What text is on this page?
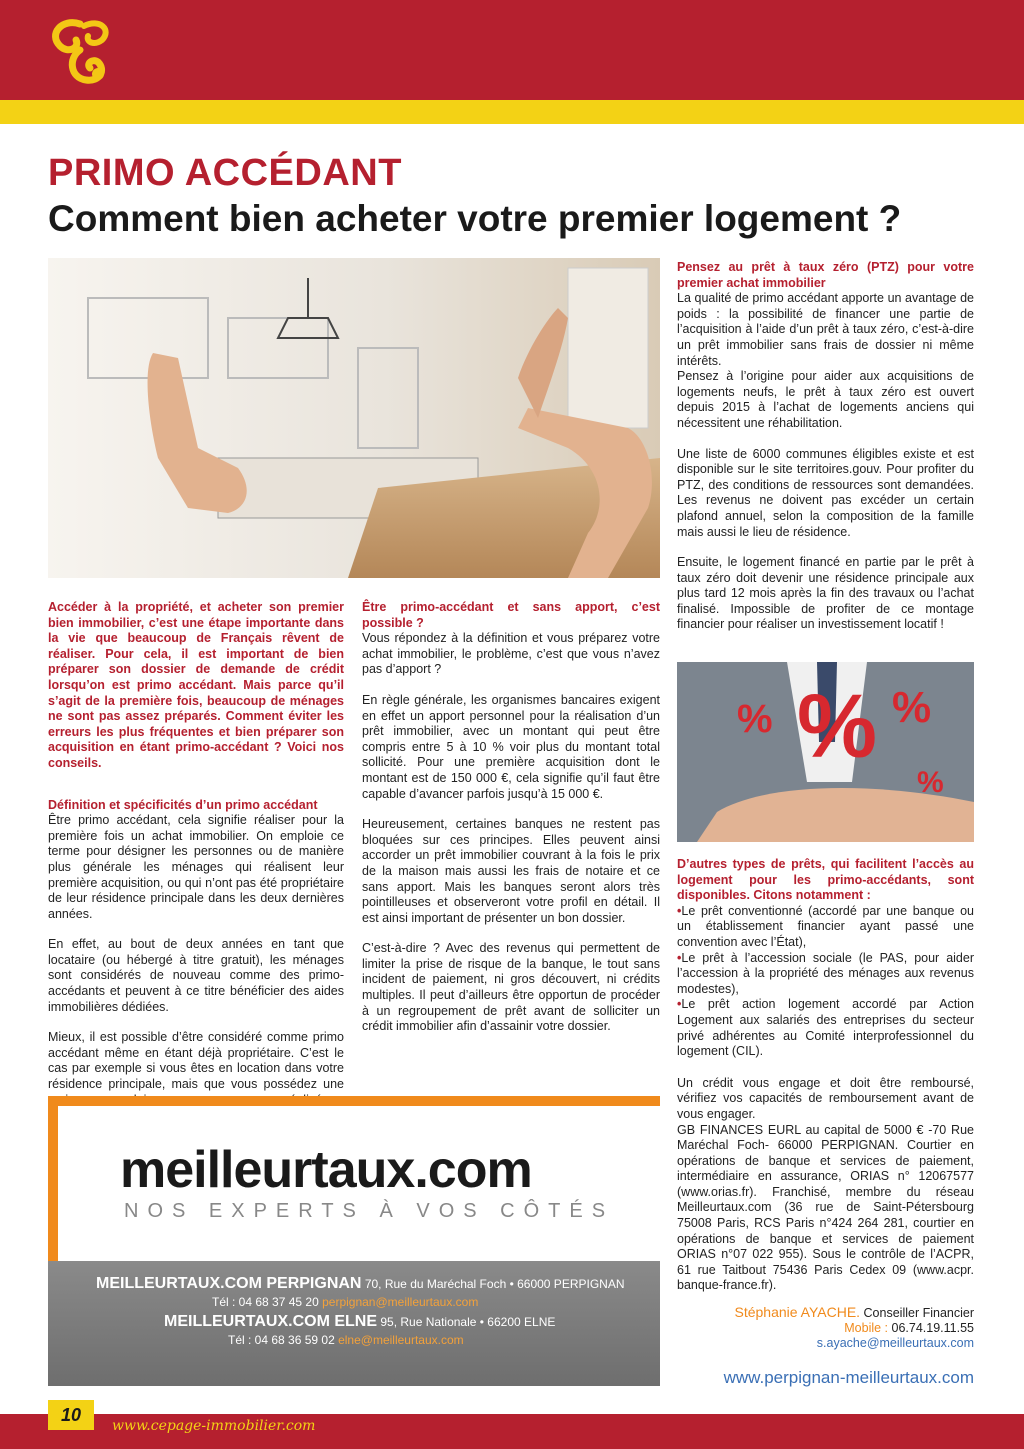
PRIMO ACCÉDANT
Comment bien acheter votre premier logement ?
%
%	%
%

Accéder à la propriété, et acheter son premier bien immobilier, c’est une étape importante dans la vie que beaucoup de Français rêvent de réaliser. Pour cela, il est important de bien préparer son dossier de demande de crédit lorsqu’on est primo accédant. Mais parce qu’il s’agit de la première fois, beaucoup de ménages ne sont pas assez préparés. Comment éviter les erreurs les plus fréquentes et bien préparer son acquisition en étant primo-accédant ? Voici nos conseils.

Définition et spécificités d’un primo accédant
Être primo accédant, cela signifie réaliser pour la première fois un achat immobilier. On emploie ce terme pour désigner les personnes ou de manière plus générale les ménages qui réalisent leur première acquisition, ou qui n’ont pas été propriétaire de leur résidence principale dans les deux dernières années.

En effet, au bout de deux années en tant que locataire (ou hébergé à titre gratuit), les ménages sont considérés de nouveau comme des primo-accédants et peuvent à ce titre bénéficier des aides immobilières dédiées.

Mieux, il est possible d’être considéré comme primo accédant même en étant déjà propriétaire. C’est le cas par exemple si vous êtes en location dans votre résidence principale, mais que vous possédez une

Être primo-accédant et sans apport, c’est possible ?
Vous répondez à la définition et vous préparez votre achat immobilier, le problème, c’est que vous n’avez pas d’apport ?

En règle générale, les organismes bancaires exigent en effet un apport personnel pour la réalisation d’un prêt immobilier, avec un montant qui peut être compris entre 5 à 10 % voir plus du montant total sollicité. Pour une première acquisition dont le montant est de 150 000 €, cela signifie qu’il faut être capable d’avancer parfois jusqu’à 15 000 €.

Heureusement, certaines banques ne restent pas bloquées sur ces principes. Elles peuvent ainsi accorder un prêt immobilier couvrant à la fois le prix de la maison mais aussi les frais de notaire et ce sans apport. Mais les banques seront alors très pointilleuses et observeront votre profil en détail. Il est ainsi important de présenter un bon dossier.

C’est-à-dire ? Avec des revenus qui permettent de limiter la prise de risque de la banque, le tout sans incident de paiement, ni gros découvert, ni crédits multiples. Il peut d’ailleurs être opportun de procéder à un regroupement de prêt avant de solliciter un crédit immobilier afin d’assainir votre dossier.

Pensez au prêt à taux zéro (PTZ) pour votre premier achat immobilier
La qualité de primo accédant apporte un avantage de poids : la possibilité de financer une partie de l’acquisition à l’aide d’un prêt à taux zéro, c’est-à-dire un prêt immobilier sans frais de dossier ni même intérêts.

Pensez à l’origine pour aider aux acquisitions de logements neufs, le prêt à taux zéro est ouvert depuis 2015 à l’achat de logements anciens qui nécessitent une réhabilitation.

Une liste de 6000 communes éligibles existe et est disponible sur le site territoires.gouv. Pour profiter du PTZ, des conditions de ressources sont demandées. Les revenus ne doivent pas excéder un certain plafond annuel, selon la composition de la famille mais aussi le lieu de résidence.

Ensuite, le logement financé en partie par le prêt à taux zéro doit devenir une résidence principale aux plus tard 12 mois après la fin des travaux ou l’achat finalisé. Impossible de profiter de ce montage financier pour réaliser un investissement locatif !

D’autres types de prêts, qui facilitent l’accès au logement pour les primo-accédants, sont disponibles. Citons notamment :
•Le prêt conventionné (accordé par une banque ou un établissement financier ayant passé une convention avec l’État),
•Le prêt à l’accession sociale (le PAS, pour aider l’accession à la propriété des ménages aux revenus modestes),
•Le prêt action logement accordé par Action Logement aux salariés des entreprises du secteur privé adhérentes au Comité interprofessionnel du logement (CIL).

Un crédit vous engage et doit être remboursé, vérifiez vos capacités de remboursement avant de vous engager.

GB FINANCES EURL au capital de 5000 € -70 Rue Maréchal Foch- 66000 PERPIGNAN. Courtier en opérations de banque et services de paiement, intermédiaire en assurance, ORIAS n° 12067577 (www.orias.fr). Franchisé, membre du réseau Meilleurtaux.com (36 rue de Saint-Pétersbourg 75008 Paris, RCS Paris n°424 264 281, courtier en opérations de banque et services de paiement ORIAS n°07 022 955). Sous le contrôle de l’ACPR, 61 rue Taitbout 75436 Paris Cedex 09 (www.acpr. banque-france.fr).

meilleurtaux.com
NOS EXPERTS À VOS CÔTÉS
MEILLEURTAUX.COM PERPIGNAN 70, Rue du Maréchal Foch • 66000 PERPIGNAN
Tél : 04 68 37 45 20 perpignan@meilleurtaux.com
MEILLEURTAUX.COM ELNE 95, Rue Nationale • 66200 ELNE
Tél : 04 68 36 59 02 elne@meilleurtaux.com
Stéphanie AYACHE. Conseiller Financier
Mobile : 06.74.19.11.55
s.ayache@meilleurtaux.com
www.perpignan-meilleurtaux.com
10
www.cepage-immobilier.com
